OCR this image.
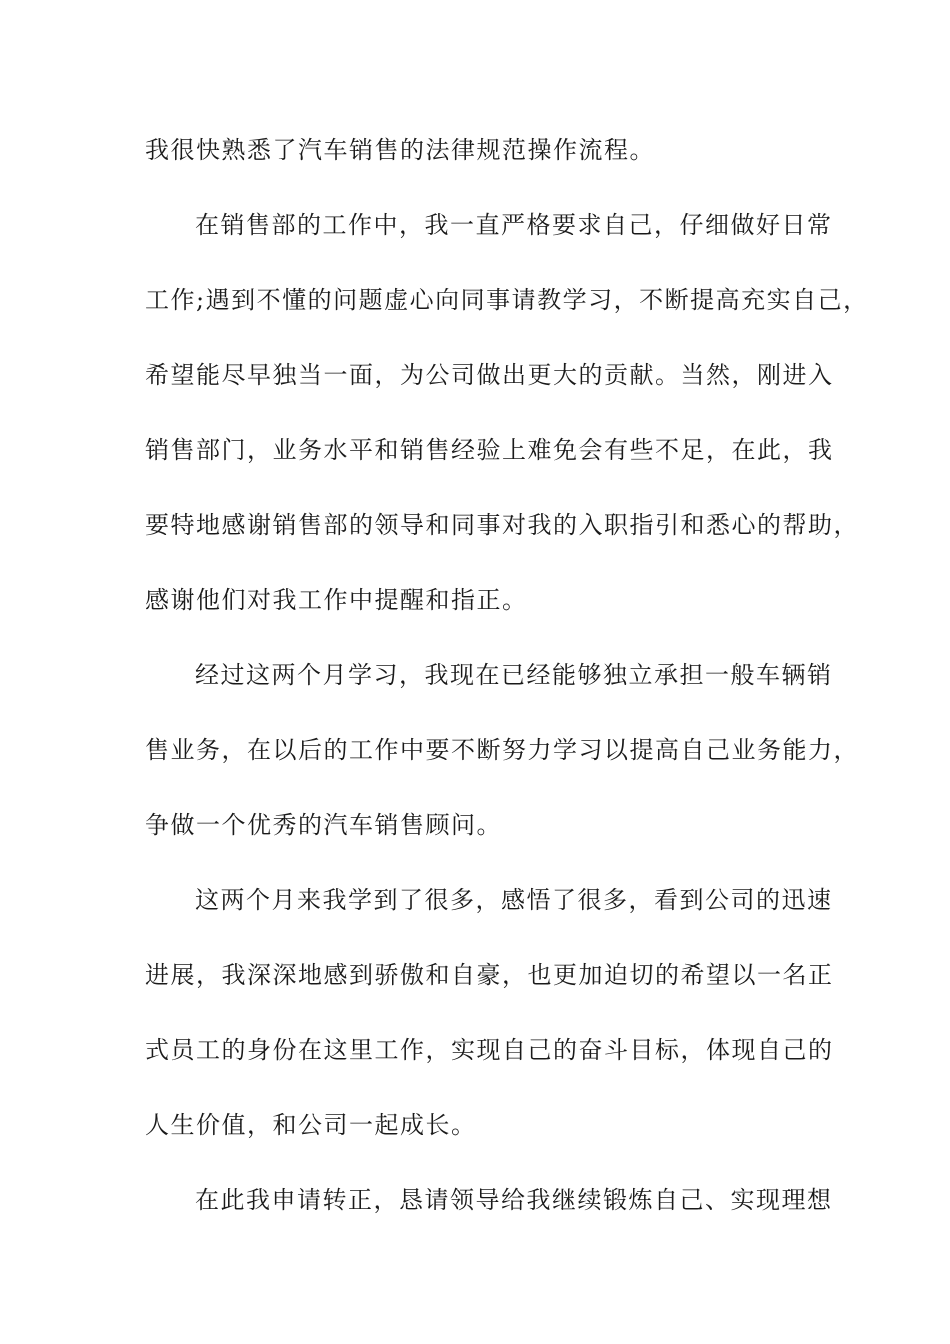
我很快熟悉了汽车销售的法律规范操作流程。
在销售部的工作中，我一直严格要求自己，仔细做好日常
工作;遇到不懂的问题虚心向同事请教学习，不断提高充实自己，
希望能尽早独当一面，为公司做出更大的贡献。当然，刚进入
销售部门，业务水平和销售经验上难免会有些不足，在此，我
要特地感谢销售部的领导和同事对我的入职指引和悉心的帮助，
感谢他们对我工作中提醒和指正。
经过这两个月学习，我现在已经能够独立承担一般车辆销
售业务，在以后的工作中要不断努力学习以提高自己业务能力，
争做一个优秀的汽车销售顾问。
这两个月来我学到了很多，感悟了很多，看到公司的迅速
进展，我深深地感到骄傲和自豪，也更加迫切的希望以一名正
式员工的身份在这里工作，实现自己的奋斗目标，体现自己的
人生价值，和公司一起成长。
在此我申请转正，恳请领导给我继续锻炼自己、实现理想
